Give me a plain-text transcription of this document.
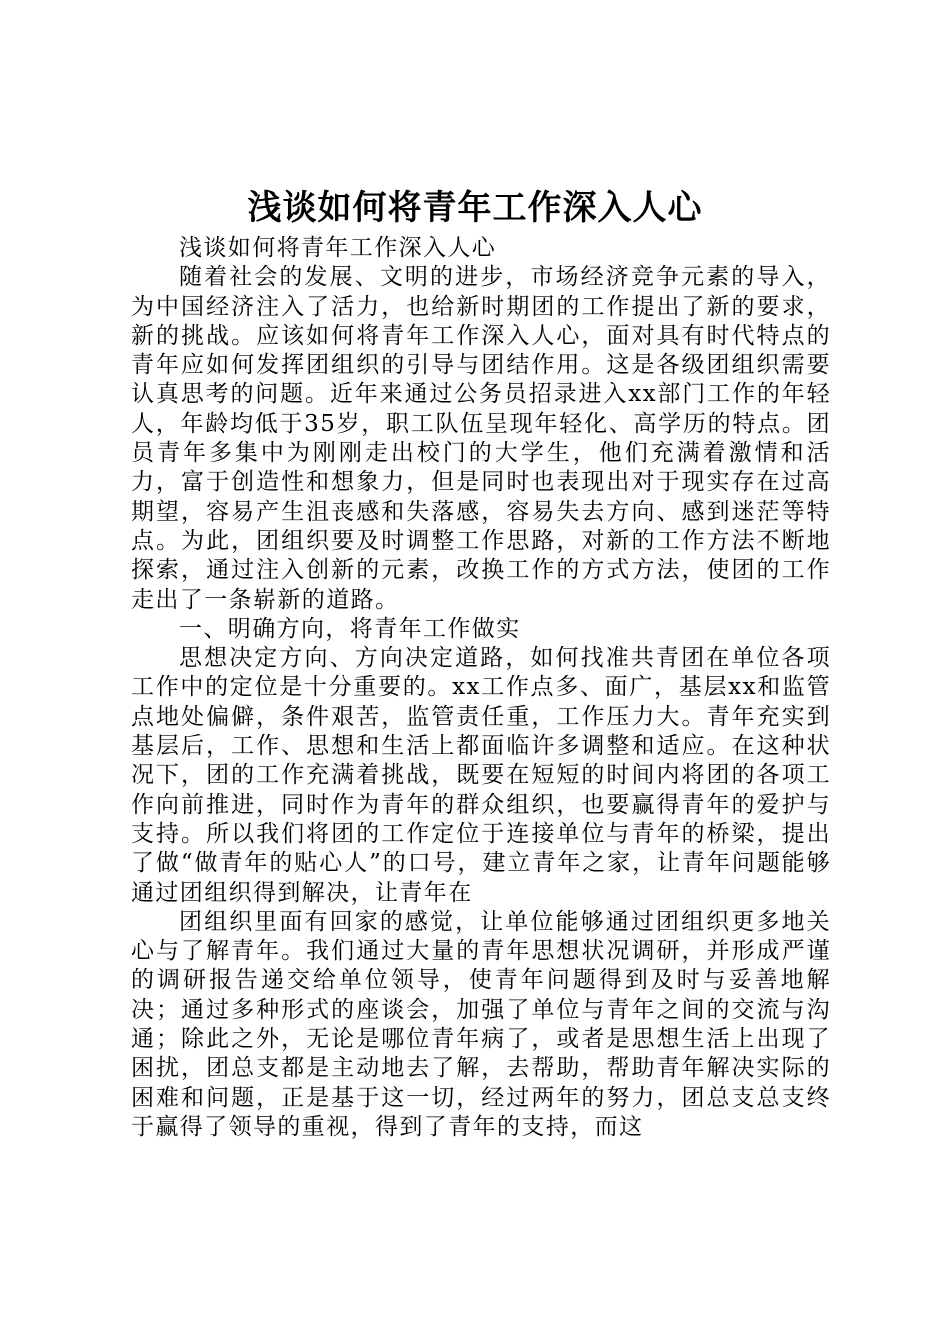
浅谈如何将青年工作深入人心

浅谈如何将青年工作深入人心

随着社会的发展、文明的进步，市场经济竞争元素的导入，为中国经济注入了活力，也给新时期团的工作提出了新的要求，新的挑战。应该如何将青年工作深入人心，面对具有时代特点的青年应如何发挥团组织的引导与团结作用。这是各级团组织需要认真思考的问题。近年来通过公务员招录进入xx部门工作的年轻人，年龄均低于35岁，职工队伍呈现年轻化、高学历的特点。团员青年多集中为刚刚走出校门的大学生，他们充满着激情和活力，富于创造性和想象力，但是同时也表现出对于现实存在过高期望，容易产生沮丧感和失落感，容易失去方向、感到迷茫等特点。为此，团组织要及时调整工作思路，对新的工作方法不断地探索，通过注入创新的元素，改换工作的方式方法，使团的工作走出了一条崭新的道路。

一、明确方向，将青年工作做实

思想决定方向、方向决定道路，如何找准共青团在单位各项工作中的定位是十分重要的。xx工作点多、面广，基层xx和监管点地处偏僻，条件艰苦，监管责任重，工作压力大。青年充实到基层后，工作、思想和生活上都面临许多调整和适应。在这种状况下，团的工作充满着挑战，既要在短短的时间内将团的各项工作向前推进，同时作为青年的群众组织，也要赢得青年的爱护与支持。所以我们将团的工作定位于连接单位与青年的桥梁，提出了做“做青年的贴心人”的口号，建立青年之家，让青年问题能够通过团组织得到解决，让青年在

团组织里面有回家的感觉，让单位能够通过团组织更多地关心与了解青年。我们通过大量的青年思想状况调研，并形成严谨的调研报告递交给单位领导，使青年问题得到及时与妥善地解决；通过多种形式的座谈会，加强了单位与青年之间的交流与沟通；除此之外，无论是哪位青年病了，或者是思想生活上出现了困扰，团总支都是主动地去了解，去帮助，帮助青年解决实际的困难和问题，正是基于这一切，经过两年的努力，团总支总支终于赢得了领导的重视，得到了青年的支持，而这
